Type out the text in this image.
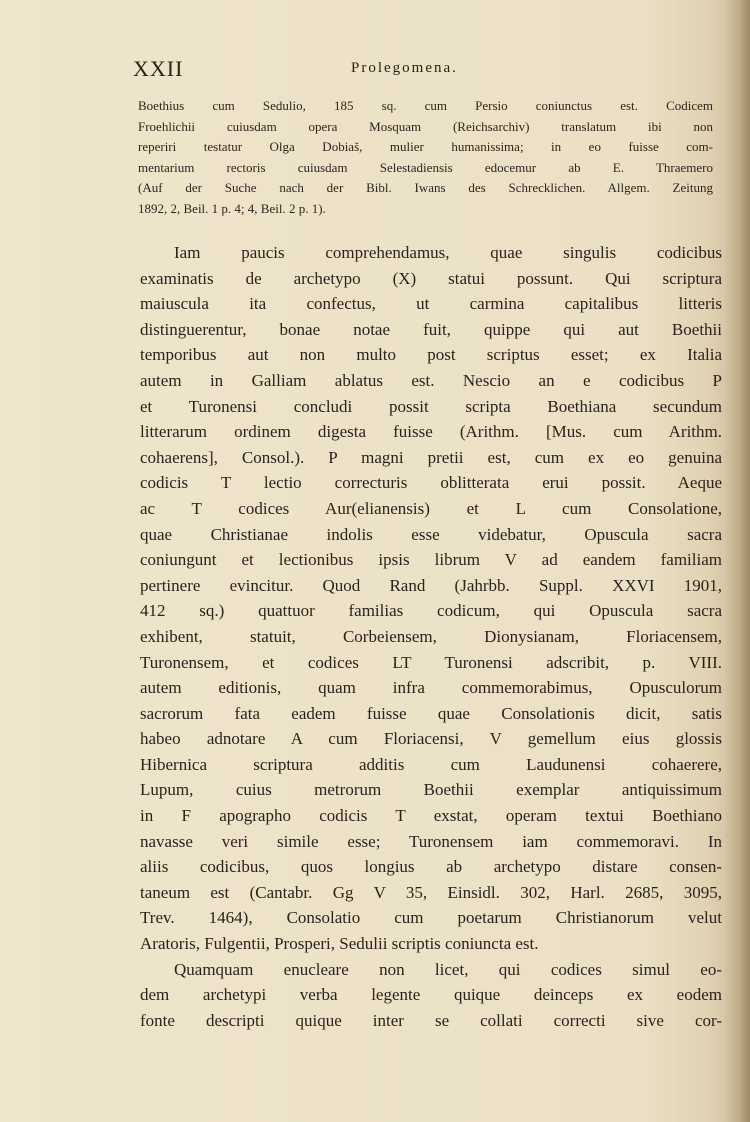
XXII	Prolegomena.
Boethius cum Sedulio, 185 sq. cum Persio coniunctus est. Codicem
Froehlichii cuiusdam opera Mosquam (Reichsarchiv) translatum ibi non
reperiri testatur Olga Dobiaš, mulier humanissima; in eo fuisse com-
mentarium rectoris cuiusdam Selestadiensis edocemur ab E. Thraemero
(Auf der Suche nach der Bibl. Iwans des Schrecklichen. Allgem. Zeitung
1892, 2, Beil. 1 p. 4; 4, Beil. 2 p. 1).
Iam paucis comprehendamus, quae singulis codicibus
examinatis de archetypo (X) statui possunt. Qui scriptura
maiuscula ita confectus, ut carmina capitalibus litteris
distinguerentur, bonae notae fuit, quippe qui aut Boethii
temporibus aut non multo post scriptus esset; ex Italia
autem in Galliam ablatus est. Nescio an e codicibus P
et Turonensi concludi possit scripta Boethiana secundum
litterarum ordinem digesta fuisse (Arithm. [Mus. cum Arithm.
cohaerens], Consol.). P magni pretii est, cum ex eo genuina
codicis T lectio correcturis oblitterata erui possit. Aeque
ac T codices Aur(elianensis) et L cum Consolatione,
quae Christianae indolis esse videbatur, Opuscula sacra
coniungunt et lectionibus ipsis librum V ad eandem familiam
pertinere evincitur. Quod Rand (Jahrbb. Suppl. XXVI 1901,
412 sq.) quattuor familias codicum, qui Opuscula sacra
exhibent, statuit, Corbeiensem, Dionysianam, Floriacensem,
Turonensem, et codices LT Turonensi adscribit, p. VIII.
autem editionis, quam infra commemorabimus, Opusculorum
sacrorum fata eadem fuisse quae Consolationis dicit, satis
habeo adnotare A cum Floriacensi, V gemellum eius glossis
Hibernica scriptura additis cum Laudunensi cohaerere,
Lupum, cuius metrorum Boethii exemplar antiquissimum
in F apographo codicis T exstat, operam textui Boethiano
navasse veri simile esse; Turonensem iam commemoravi. In
aliis codicibus, quos longius ab archetypo distare consen-
taneum est (Cantabr. Gg V 35, Einsidl. 302, Harl. 2685, 3095,
Trev. 1464), Consolatio cum poetarum Christianorum velut
Aratoris, Fulgentii, Prosperi, Sedulii scriptis coniuncta est.
Quamquam enucleare non licet, qui codices simul eo-
dem archetypi verba legente quique deinceps ex eodem
fonte descripti quique inter se collati correcti sive cor-
